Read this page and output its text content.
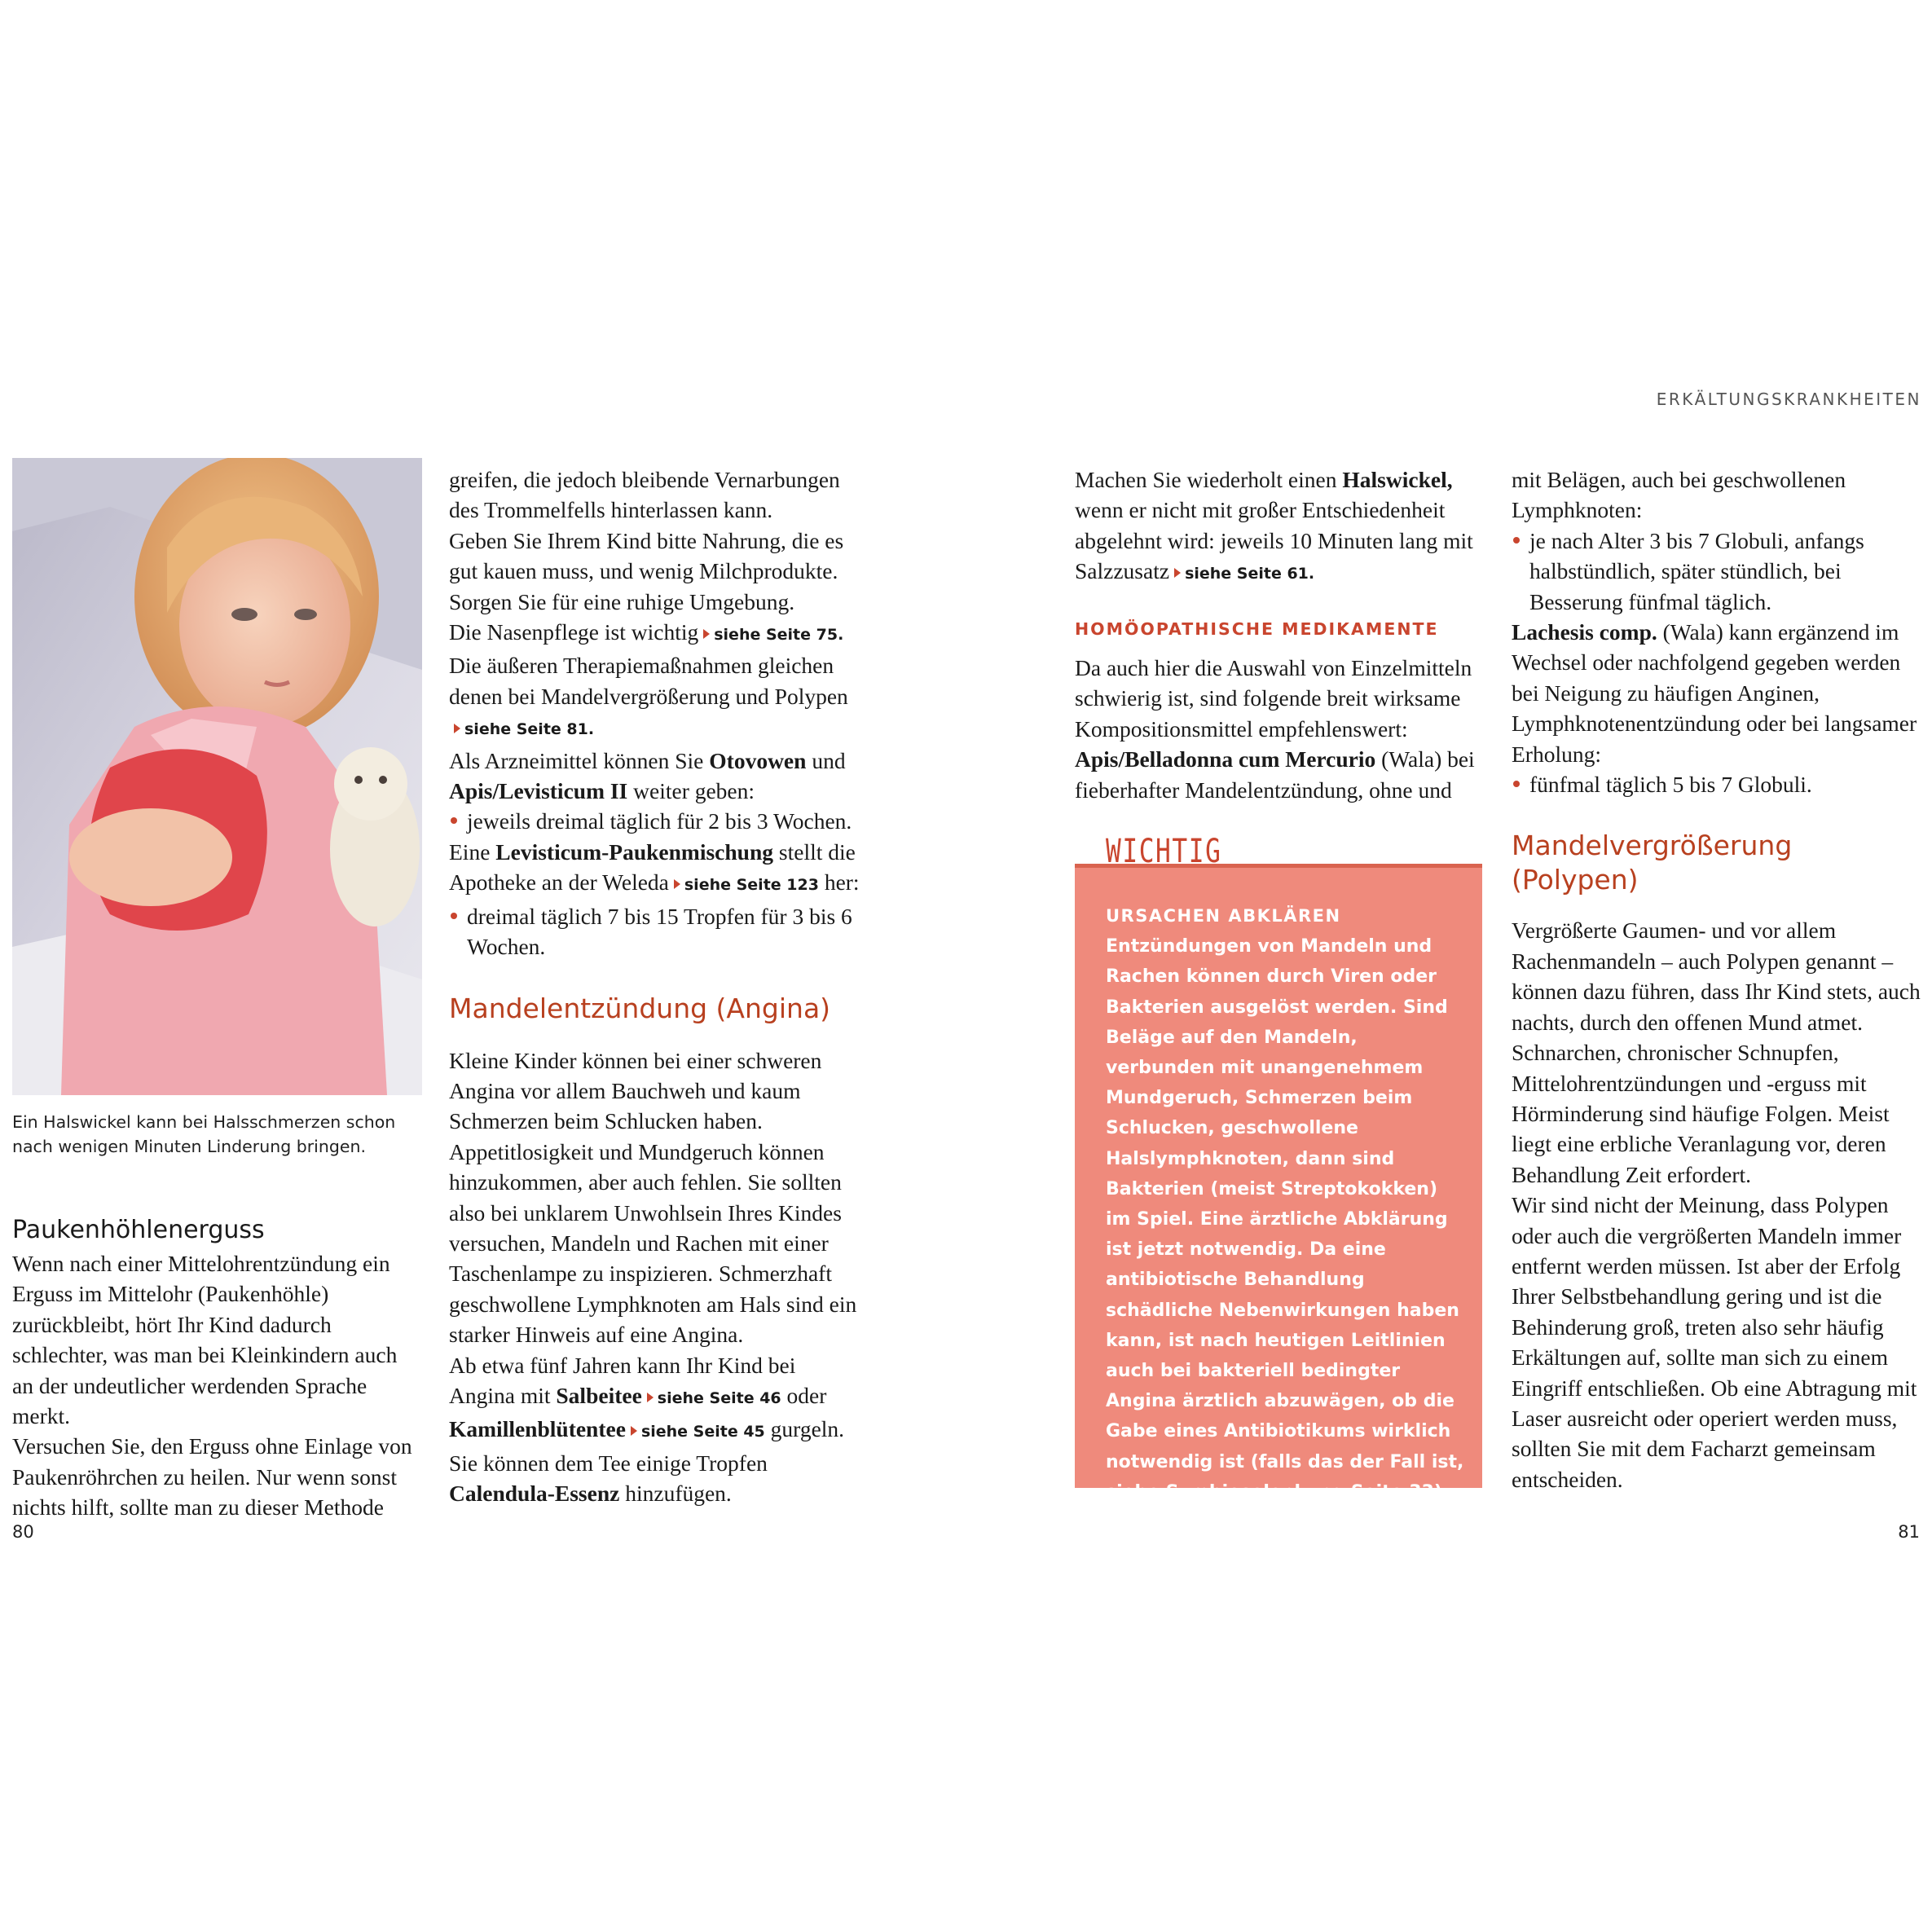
ERKÄLTUNGSKRANKHEITEN
Ein Halswickel kann bei Halsschmerzen schon nach wenigen Minuten Linderung bringen.

Paukenhöhlenerguss

Wenn nach einer Mittelohrentzündung ein Erguss im Mittelohr (Paukenhöhle) zurückbleibt, hört Ihr Kind dadurch schlechter, was man bei Kleinkindern auch an der undeutlicher werdenden Sprache merkt.

Versuchen Sie, den Erguss ohne Einlage von Paukenröhrchen zu heilen. Nur wenn sonst nichts hilft, sollte man zu dieser Methode

greifen, die jedoch bleibende Vernarbungen des Trommelfells hinterlassen kann.

Geben Sie Ihrem Kind bitte Nahrung, die es gut kauen muss, und wenig Milchprodukte. Sorgen Sie für eine ruhige Umgebung.

Die Nasenpflege ist wichtig siehe Seite 75.

Die äußeren Therapiemaßnahmen gleichen denen bei Mandelvergrößerung und Polypensiehe Seite 81.

Als Arzneimittel können Sie Otovowen und Apis/Levisticum II weiter geben:

jeweils dreimal täglich für 2 bis 3 Wochen.

Eine Levisticum-Paukenmischung stellt die Apotheke an der Weleda siehe Seite 123 her:

dreimal täglich 7 bis 15 Tropfen für 3 bis 6 Wochen.

Mandelentzündung (Angina)

Kleine Kinder können bei einer schweren Angina vor allem Bauchweh und kaum Schmerzen beim Schlucken haben. Appetitlosigkeit und Mundgeruch können hinzukommen, aber auch fehlen. Sie sollten also bei unklarem Unwohlsein Ihres Kindes versuchen, Mandeln und Rachen mit einer Taschenlampe zu inspizieren. Schmerzhaft geschwollene Lymphknoten am Hals sind ein starker Hinweis auf eine Angina.

Ab etwa fünf Jahren kann Ihr Kind bei Angina mit Salbeitee siehe Seite 46 oder Kamillenblütentee siehe Seite 45 gurgeln. Sie können dem Tee einige Tropfen Calendula-Essenz hinzufügen.

Machen Sie wiederholt einen Halswickel, wenn er nicht mit großer Entschiedenheit abgelehnt wird: jeweils 10 Minuten lang mit Salzzusatz siehe Seite 61.

HOMÖOPATHISCHE MEDIKAMENTE

Da auch hier die Auswahl von Einzelmitteln schwierig ist, sind folgende breit wirksame Kompositionsmittel empfehlenswert:

Apis/Belladonna cum Mercurio (Wala) bei fieberhafter Mandelentzündung, ohne und

WICHTIG

URSACHEN ABKLÄREN

Entzündungen von Mandeln und Rachen können durch Viren oder Bakterien ausgelöst werden. Sind Beläge auf den Mandeln, verbunden mit unangenehmem Mundgeruch, Schmerzen beim Schlucken, geschwollene Halslymphknoten, dann sind Bakterien (meist Streptokokken) im Spiel. Eine ärztliche Abklärung ist jetzt notwendig. Da eine antibiotische Behandlung schädliche Nebenwirkungen haben kann, ist nach heutigen Leitlinien auch bei bakteriell bedingter Angina ärztlich abzuwägen, ob die Gabe eines Antibiotikums wirklich notwendig ist (falls das der Fall ist, siehe Symbioselenkung Seite 33).

mit Belägen, auch bei geschwollenen Lymphknoten:

je nach Alter 3 bis 7 Globuli, anfangs halbstündlich, später stündlich, bei Besserung fünfmal täglich.

Lachesis comp. (Wala) kann ergänzend im Wechsel oder nachfolgend gegeben werden bei Neigung zu häufigen Anginen, Lymphknotenentzündung oder bei langsamer Erholung:

fünfmal täglich 5 bis 7 Globuli.

Mandelvergrößerung (Polypen)

Vergrößerte Gaumen- und vor allem Rachenmandeln – auch Polypen genannt – können dazu führen, dass Ihr Kind stets, auch nachts, durch den offenen Mund atmet. Schnarchen, chronischer Schnupfen, Mittelohrentzündungen und -erguss mit Hörminderung sind häufige Folgen. Meist liegt eine erbliche Veranlagung vor, deren Behandlung Zeit erfordert.

Wir sind nicht der Meinung, dass Polypen oder auch die vergrößerten Mandeln immer entfernt werden müssen. Ist aber der Erfolg Ihrer Selbstbehandlung gering und ist die Behinderung groß, treten also sehr häufig Erkältungen auf, sollte man sich zu einem Eingriff entschließen. Ob eine Abtragung mit Laser ausreicht oder operiert werden muss, sollten Sie mit dem Facharzt gemeinsam entscheiden.

80	81
